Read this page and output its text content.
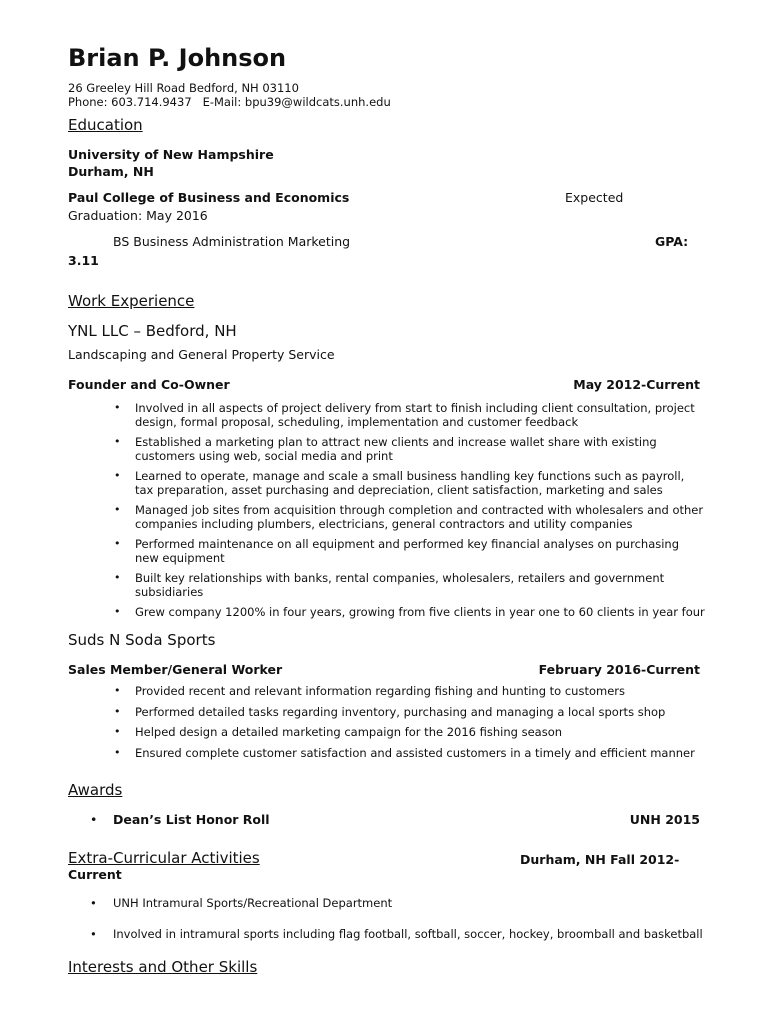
Brian P. Johnson
26 Greeley Hill Road Bedford, NH 03110
Phone: 603.714.9437   E-Mail: bpu39@wildcats.unh.edu
Education
University of New Hampshire
Durham, NH
Paul College of Business and Economics	Expected
Graduation: May 2016
BS Business Administration Marketing	GPA:
3.11
Work Experience
YNL LLC – Bedford, NH
Landscaping and General Property Service
Founder and Co-Owner	May 2012-Current
• Involved in all aspects of project delivery from start to finish including client consultation, project design, formal proposal, scheduling, implementation and customer feedback
• Established a marketing plan to attract new clients and increase wallet share with existing customers using web, social media and print
• Learned to operate, manage and scale a small business handling key functions such as payroll, tax preparation, asset purchasing and depreciation, client satisfaction, marketing and sales
• Managed job sites from acquisition through completion and contracted with wholesalers and other companies including plumbers, electricians, general contractors and utility companies
• Performed maintenance on all equipment and performed key financial analyses on purchasing new equipment
• Built key relationships with banks, rental companies, wholesalers, retailers and government subsidiaries
• Grew company 1200% in four years, growing from five clients in year one to 60 clients in year four
Suds N Soda Sports
Sales Member/General Worker	February 2016-Current
• Provided recent and relevant information regarding fishing and hunting to customers
• Performed detailed tasks regarding inventory, purchasing and managing a local sports shop
• Helped design a detailed marketing campaign for the 2016 fishing season
• Ensured complete customer satisfaction and assisted customers in a timely and efficient manner
Awards
• Dean’s List Honor Roll	UNH 2015
Extra-Curricular Activities	Durham, NH Fall 2012-
Current
• UNH Intramural Sports/Recreational Department
• Involved in intramural sports including flag football, softball, soccer, hockey, broomball and basketball
Interests and Other Skills
